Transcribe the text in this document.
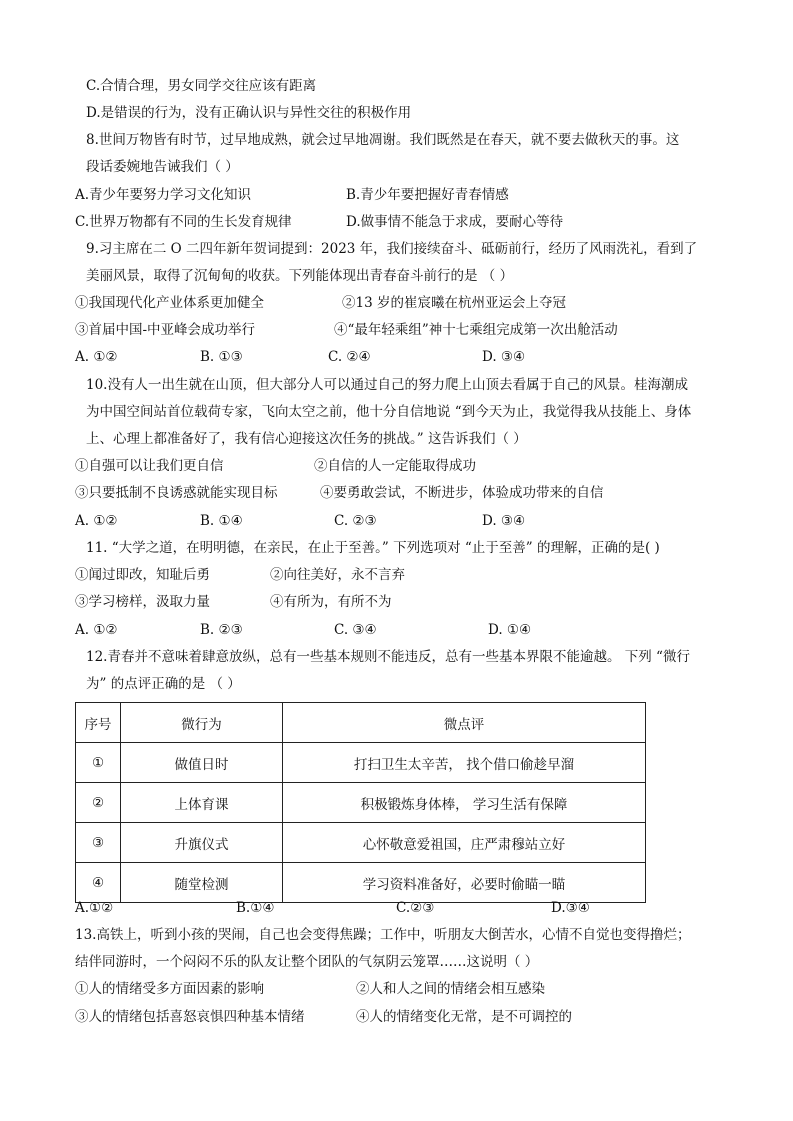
C.合情合理，男女同学交往应该有距离
D.是错误的行为，没有正确认识与异性交往的积极作用
8.世间万物皆有时节，过早地成熟，就会过早地凋谢。我们既然是在春天，就不要去做秋天的事。这
段话委婉地告诫我们（ ）
A.青少年要努力学习文化知识	B.青少年要把握好青春情感
C.世界万物都有不同的生长发育规律	D.做事情不能急于求成，要耐心等待
9.习主席在二 O 二四年新年贺词提到：2023 年，我们接续奋斗、砥砺前行，经历了风雨洗礼，看到了
美丽风景，取得了沉甸甸的收获。下列能体现出青春奋斗前行的是 （ ）
①我国现代化产业体系更加健全	②13 岁的崔宸曦在杭州亚运会上夺冠
③首届中国-中亚峰会成功举行	④“最年轻乘组”神十七乘组完成第一次出舱活动
A. ①②	B. ①③	C. ②④	D. ③④
10.没有人一出生就在山顶，但大部分人可以通过自己的努力爬上山顶去看属于自己的风景。桂海潮成
为中国空间站首位载荷专家，飞向太空之前，他十分自信地说 “到今天为止，我觉得我从技能上、身体
上、心理上都准备好了，我有信心迎接这次任务的挑战。” 这告诉我们（ ）
①自强可以让我们更自信	②自信的人一定能取得成功
③只要抵制不良诱惑就能实现目标	④要勇敢尝试，不断进步，体验成功带来的自信
A. ①②	B. ①④	C. ②③	D. ③④
11. “大学之道，在明明德，在亲民，在止于至善。” 下列选项对 “止于至善” 的理解，正确的是( )
①闻过即改，知耻后勇	②向往美好，永不言弃
③学习榜样，汲取力量	④有所为，有所不为
A. ①②	B. ②③	C. ③④	D. ①④
12.青春并不意味着肆意放纵，总有一些基本规则不能违反，总有一些基本界限不能逾越。 下列 “微行
为” 的点评正确的是 （ ）
序号	微行为	微点评
①	做值日时	打扫卫生太辛苦， 找个借口偷趁早溜
②	上体育课	积极锻炼身体棒， 学习生活有保障
③	升旗仪式	心怀敬意爱祖国，庄严肃穆站立好
④	随堂检测	学习资料准备好，必要时偷瞄一瞄
A.①②	B.①④	C.②③	D.③④
13.高铁上，听到小孩的哭闹，自己也会变得焦躁；工作中，听朋友大倒苦水，心情不自觉也变得撸烂；
结伴同游时，一个闷闷不乐的队友让整个团队的气氛阴云笼罩……这说明（ ）
①人的情绪受多方面因素的影响	②人和人之间的情绪会相互感染
③人的情绪包括喜怒哀惧四种基本情绪	④人的情绪变化无常，是不可调控的
